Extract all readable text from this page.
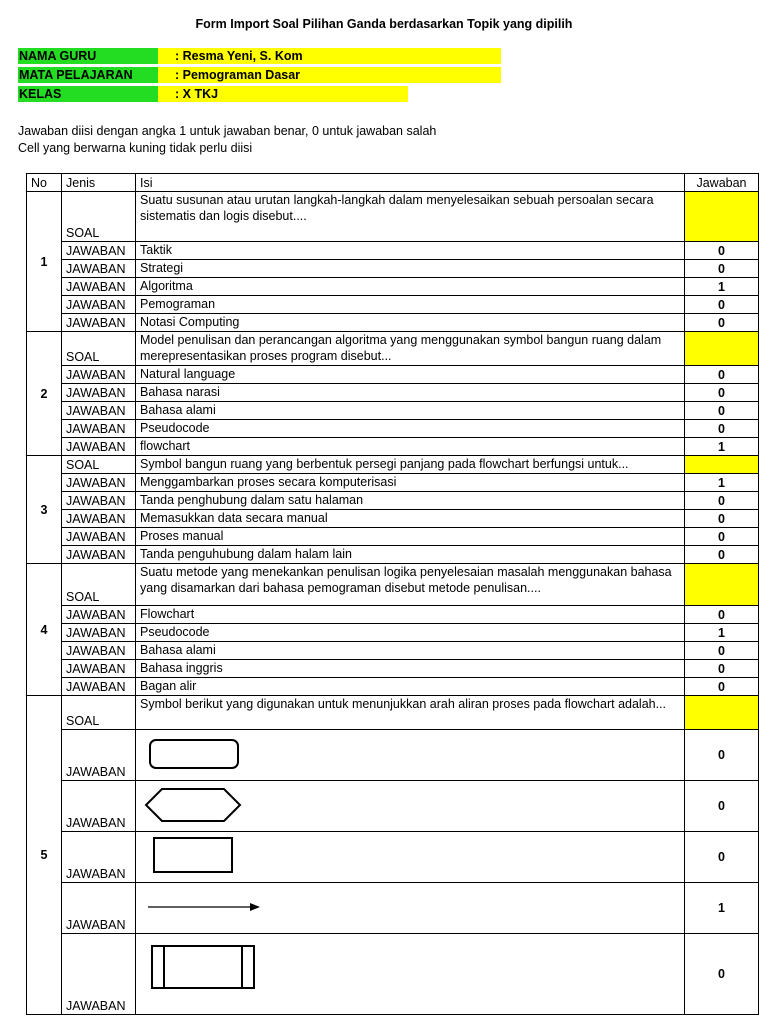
Form Import Soal Pilihan Ganda berdasarkan Topik yang dipilih
NAMA GURU	: Resma Yeni, S. Kom
MATA PELAJARAN	: Pemograman Dasar
KELAS	: X TKJ
Jawaban diisi dengan angka 1 untuk jawaban benar, 0 untuk jawaban salah
Cell yang berwarna kuning tidak perlu diisi
No	Jenis	Isi	Jawaban
1	SOAL	Suatu susunan atau urutan langkah-langkah dalam menyelesaikan sebuah persoalan secara sistematis dan logis disebut....	
	JAWABAN	Taktik	0
	JAWABAN	Strategi	0
	JAWABAN	Algoritma	1
	JAWABAN	Pemograman	0
	JAWABAN	Notasi Computing	0
2	SOAL	Model penulisan dan perancangan algoritma yang menggunakan symbol bangun ruang dalam merepresentasikan proses program disebut...	
	JAWABAN	Natural language	0
	JAWABAN	Bahasa narasi	0
	JAWABAN	Bahasa alami	0
	JAWABAN	Pseudocode	0
	JAWABAN	flowchart	1
3	SOAL	Symbol bangun ruang yang berbentuk persegi panjang pada flowchart berfungsi untuk...	
	JAWABAN	Menggambarkan proses secara komputerisasi	1
	JAWABAN	Tanda penghubung dalam satu halaman	0
	JAWABAN	Memasukkan data secara manual	0
	JAWABAN	Proses manual	0
	JAWABAN	Tanda penguhubung dalam halam lain	0
4	SOAL	Suatu metode yang menekankan penulisan logika penyelesaian masalah menggunakan bahasa yang disamarkan dari bahasa pemograman disebut metode penulisan....	
	JAWABAN	Flowchart	0
	JAWABAN	Pseudocode	1
	JAWABAN	Bahasa alami	0
	JAWABAN	Bahasa inggris	0
	JAWABAN	Bagan alir	0
5	SOAL	Symbol berikut yang digunakan untuk menunjukkan arah aliran proses pada flowchart adalah...	
	JAWABAN		0
	JAWABAN		0
	JAWABAN		0
	JAWABAN		1
	JAWABAN		0
